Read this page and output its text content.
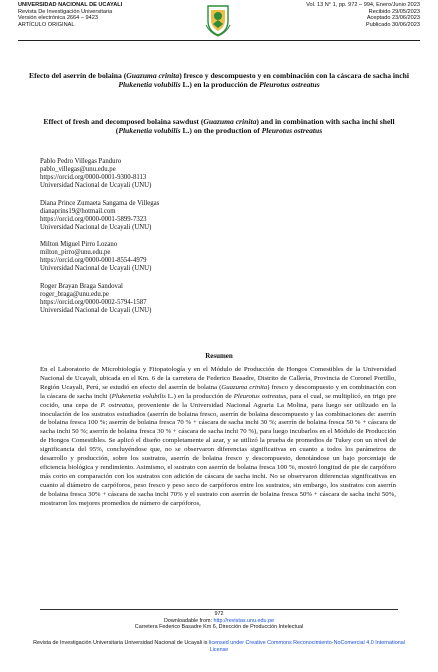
UNIVERSIDAD NACIONAL DE UCAYALI
Revista De Investigación Universitaria
Versión electrónica 2664 – 9423
ARTÍCULO ORIGINAL
Vol. 13 N° 1, pp. 972 – 994, Enero/Junio 2023
Recibido 29/05/2023
Aceptado 23/06/2023
Publicado 30/06/2023
Efecto del aserrín de bolaina (Guazuma crinita) fresco y descompuesto y en combinación con la cáscara de sacha inchi Plukenetia volubilis L.) en la producción de Pleurotus ostreatus
Effect of fresh and decomposed bolaina sawdust (Guazuma crinita) and in combination with sacha inchi shell (Plukenetia volubilis L.) on the production of Pleurotus ostreatus
Pablo Pedro Villegas Panduro
pablo_villegas@unu.edu.pe
https://orcid.org/0000-0001-9300-8113
Universidad Nacional de Ucayali (UNU)
Diana Prince Zumaeta Sangama de Villegas
dianaprins19@hotmail.com
https://orcid.org/0000-0001-5899-7323
Universidad Nacional de Ucayali (UNU)
Milton Miguel Pirro Lozano
milton_pirro@unu.edu.pe
https://orcid.org/0000-0001-8554-4979
Universidad Nacional de Ucayali (UNU)
Roger Brayan Braga Sandoval
roger_braga@unu.edu.pe
https://orcid.org/0000-0002-5794-1587
Universidad Nacional de Ucayali (UNU)
Resumen
En el Laboratorio de Microbiología y Fitopatología y en el Módulo de Producción de Hongos Comestibles de la Universidad Nacional de Ucayali, ubicada en el Km. 6 de la carretera de Federico Basadre, Distrito de Callería, Provincia de Coronel Portillo, Región Ucayali, Perú, se estudió en efecto del aserrín de bolaina (Guazuma crinita) fresco y descompuesto y en combinación con la cáscara de sacha inchi (Plukenetia volubilis L.) en la producción de Pleurotus ostreatus, para el cual, se multiplicó, en trigo pre cocido, una cepa de P. ostreatus, proveniente de la Universidad Nacional Agraria La Molina, para luego ser utilizado en la inoculación de los sustratos estudiados (aserrín de bolaina fresco, aserrín de bolaina descompuesto y las combinaciones de: aserrín de bolaina fresca 100 %; aserrín de bolaina fresca 70 % + cáscara de sacha inchi 30 %; aserrín de bolaina fresca 50 % + cáscara de sacha inchi 50 %; aserrín de bolaina fresca 30 % + cáscara de sacha inchi 70 %), para luego incubarlos en el Módulo de Producción de Hongos Comestibles. Se aplicó el diseño completamente al azar, y se utilizó la prueba de promedios de Tukey con un nivel de significancia del 95%, concluyéndose que, no se observaron diferencias significativas en cuanto a todos los parámetros de desarrollo y producción, sobre los sustratos, aserrín de bolaina fresco y descompuesto, denotándose un bajo porcentaje de eficiencia biológica y rendimiento. Asimismo, el sustrato con aserrín de bolaina fresca 100 %, mostró longitud de pie de carpóforo más corto en comparación con los sustratos con adición de cáscara de sacha inchi. No se observaron diferencias significativas en cuanto al diámetro de carpóforos, peso fresco y peso seco de carpóforos entre los sustratos, sin embargo, los sustratos con aserrín de bolaina fresca 30% + cáscara de sacha inchi 70% y el sustrato con aserrín de bolaina fresca 50% + cáscara de sacha inchi 50%, mostraron los mejores promedios de número de carpóforos,
972
Downloadable from: http://revistas.unu.edu.pe
Carretera Federico Basadre Km 6, Dirección de Producción Intelectual
Revista de Investigación Universitaria Universidad Nacional de Ucayali is licensed under Creative Commons Reconocimiento-NoComercial 4.0 International License
